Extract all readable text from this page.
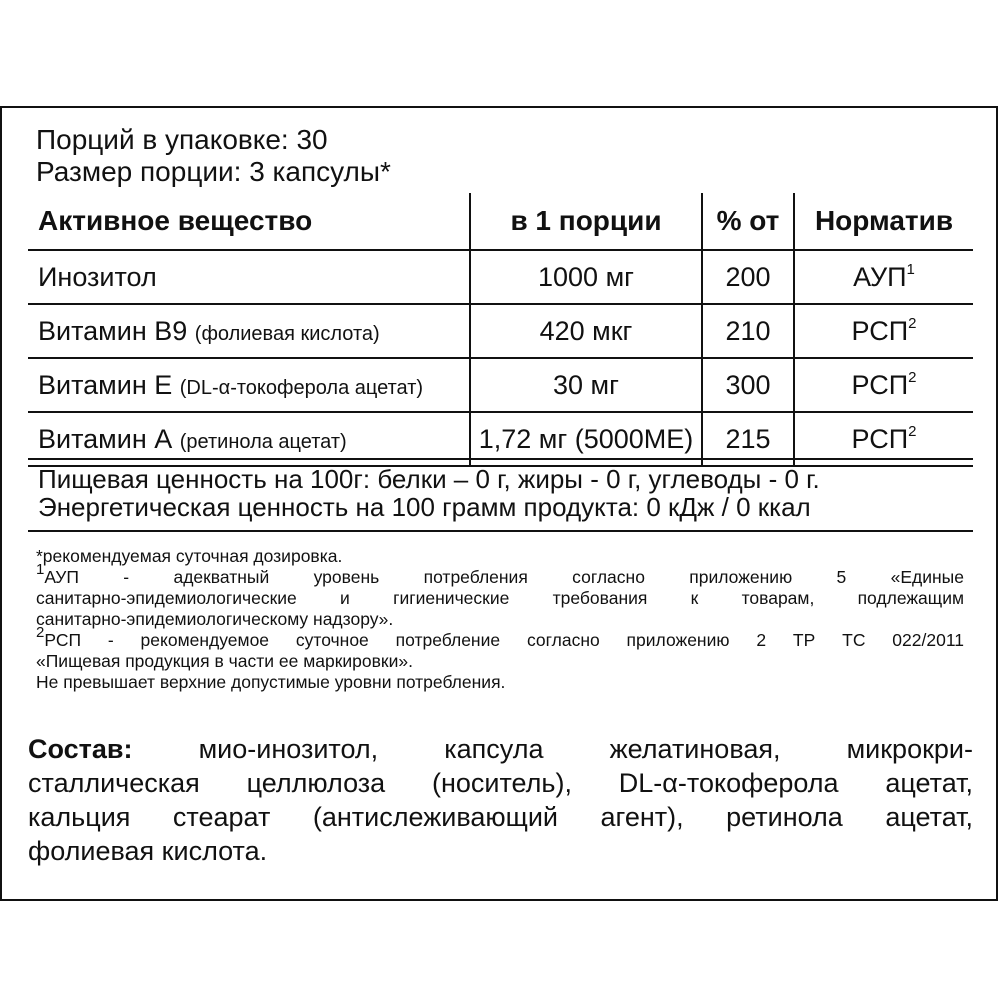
Порций в упаковке: 30
Размер порции: 3 капсулы*
Активное вещество	в 1 порции	% от	Норматив
Инозитол	1000 мг	200	АУП$^1$
Витамин B9 (фолиевая кислота)	420 мкг	210	РСП$^2$
Витамин Е (DL-α-токоферола ацетат)	30 мг	300	РСП$^2$
Витамин А (ретинола ацетат)	1,72 мг (5000МЕ)	215	РСП$^2$
Пищевая ценность на 100г: белки – 0 г, жиры - 0 г, углеводы - 0 г.
Энергетическая ценность на 100 грамм продукта: 0 кДж / 0 ккал
*рекомендуемая суточная дозировка.
$^1$АУП - адекватный уровень потребления согласно приложению 5 «Единые
санитарно-эпидемиологические и гигиенические требования к товарам, подлежащим
санитарно-эпидемиологическому надзору».
$^2$РСП - рекомендуемое суточное потребление согласно приложению 2 ТР ТС 022/2011
«Пищевая продукция в части ее маркировки».
Не превышает верхние допустимые уровни потребления.
Состав: мио-инозитол, капсула желатиновая, микрокри-
сталлическая целлюлоза (носитель), DL-α-токоферола ацетат,
кальция стеарат (антислеживающий агент), ретинола ацетат,
фолиевая кислота.
